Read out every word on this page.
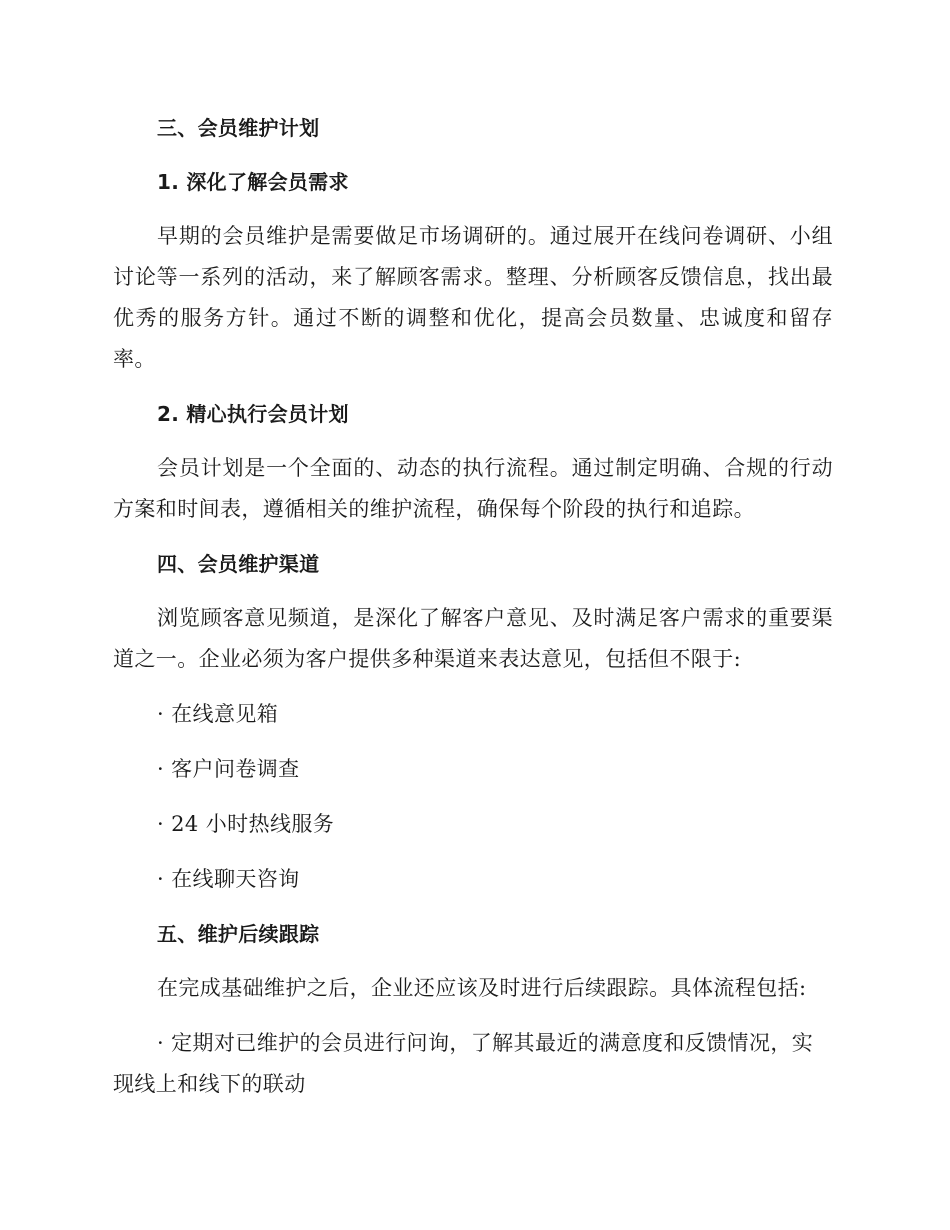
三、会员维护计划
1. 深化了解会员需求
早期的会员维护是需要做足市场调研的。通过展开在线问卷调研、小组讨论等一系列的活动，来了解顾客需求。整理、分析顾客反馈信息，找出最优秀的服务方针。通过不断的调整和优化，提高会员数量、忠诚度和留存率。
2. 精心执行会员计划
会员计划是一个全面的、动态的执行流程。通过制定明确、合规的行动方案和时间表，遵循相关的维护流程，确保每个阶段的执行和追踪。
四、会员维护渠道
浏览顾客意见频道，是深化了解客户意见、及时满足客户需求的重要渠道之一。企业必须为客户提供多种渠道来表达意见，包括但不限于:
· 在线意见箱
· 客户问卷调查
· 24 小时热线服务
· 在线聊天咨询
五、维护后续跟踪
在完成基础维护之后，企业还应该及时进行后续跟踪。具体流程包括:
· 定期对已维护的会员进行问询，了解其最近的满意度和反馈情况，实现线上和线下的联动
